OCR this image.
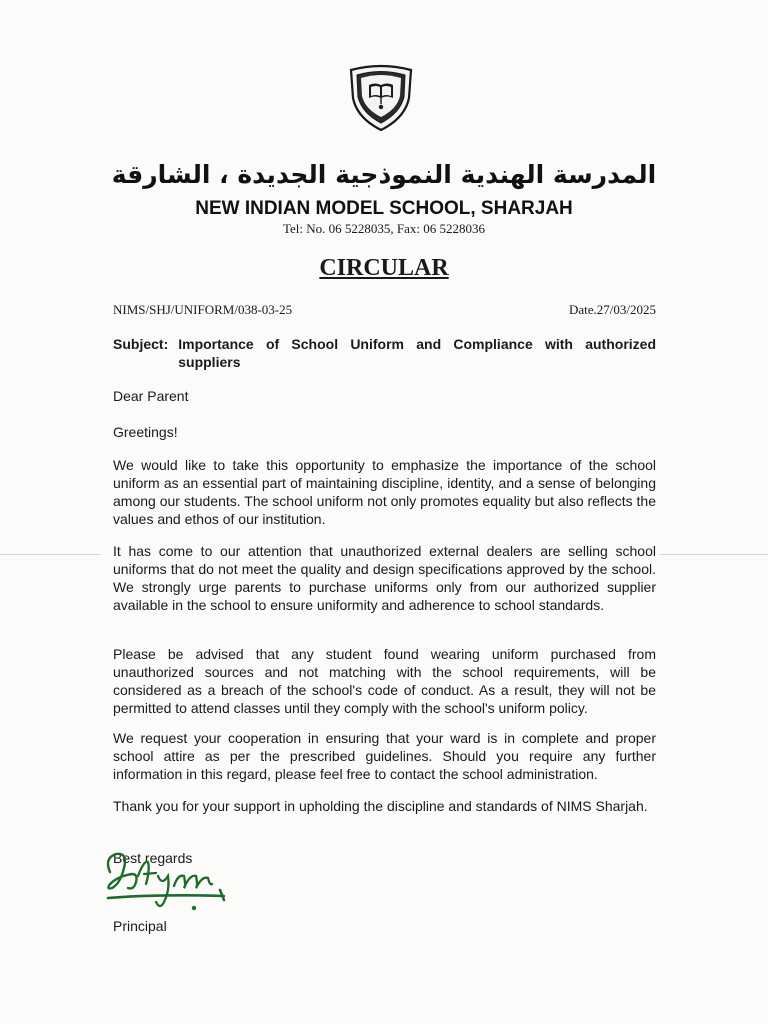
المدرسة الهندية النموذجية الجديدة ، الشارقة
NEW INDIAN MODEL SCHOOL, SHARJAH
Tel: No. 06 5228035, Fax: 06 5228036
CIRCULAR
NIMS/SHJ/UNIFORM/038-03-25	Date.27/03/2025
Subject: Importance of School Uniform and Compliance with authorized suppliers
Dear Parent
Greetings!
We would like to take this opportunity to emphasize the importance of the school uniform as an essential part of maintaining discipline, identity, and a sense of belonging among our students. The school uniform not only promotes equality but also reflects the values and ethos of our institution.
It has come to our attention that unauthorized external dealers are selling school uniforms that do not meet the quality and design specifications approved by the school. We strongly urge parents to purchase uniforms only from our authorized supplier available in the school to ensure uniformity and adherence to school standards.
Please be advised that any student found wearing uniform purchased from unauthorized sources and not matching with the school requirements, will be considered as a breach of the school's code of conduct. As a result, they will not be permitted to attend classes until they comply with the school's uniform policy.
We request your cooperation in ensuring that your ward is in complete and proper school attire as per the prescribed guidelines. Should you require any further information in this regard, please feel free to contact the school administration.
Thank you for your support in upholding the discipline and standards of NIMS Sharjah.
Best regards
Principal
